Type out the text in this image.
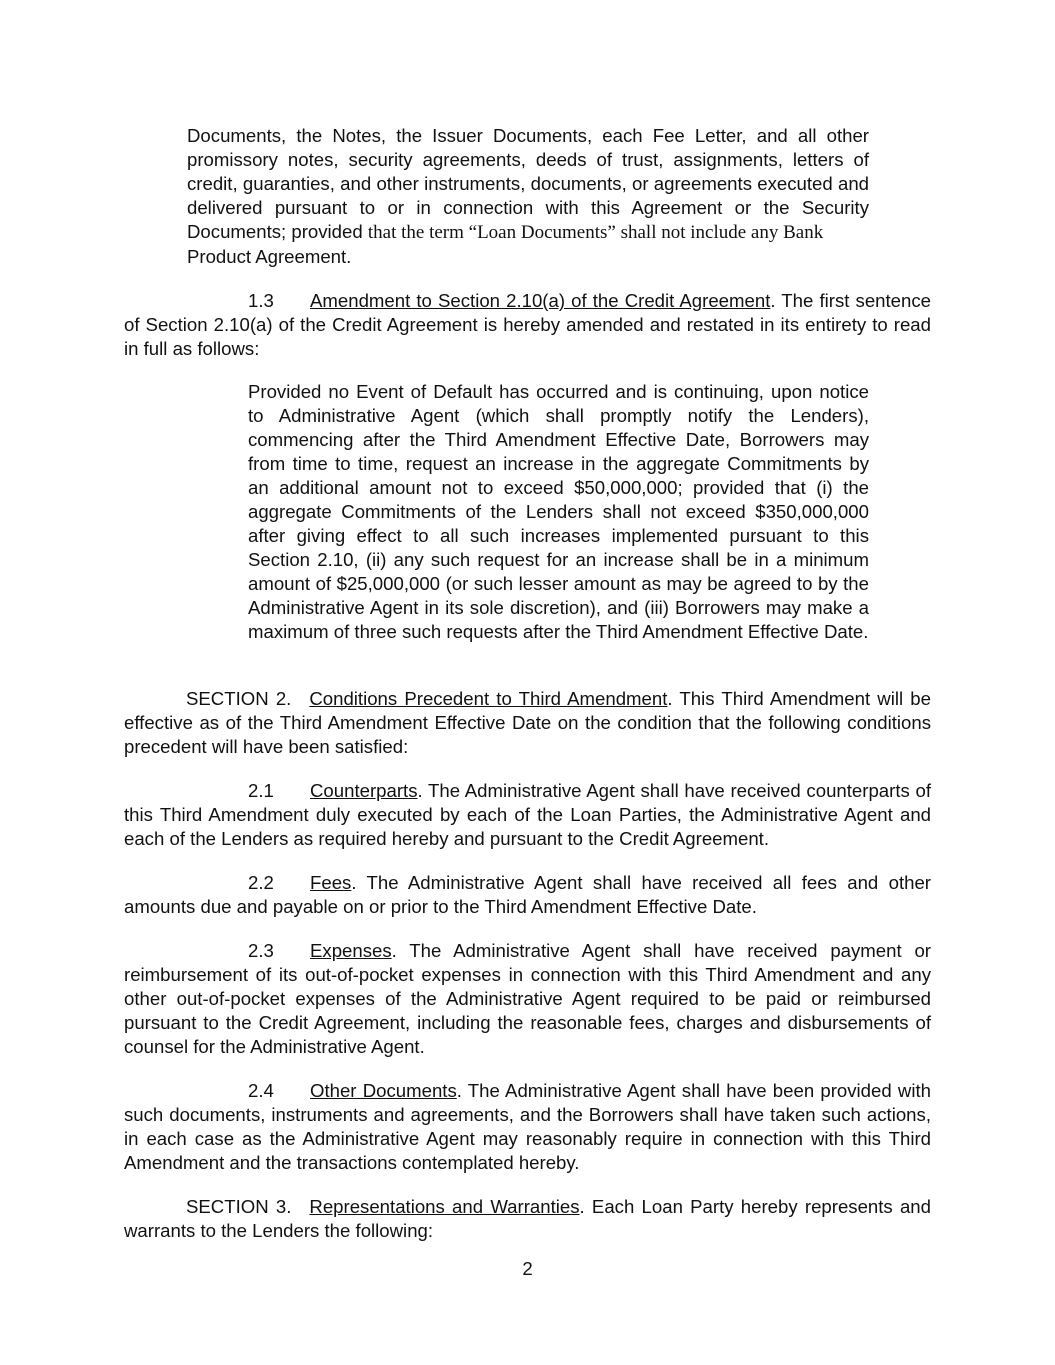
Documents, the Notes, the Issuer Documents, each Fee Letter, and all other promissory notes, security agreements, deeds of trust, assignments, letters of credit, guaranties, and other instruments, documents, or agreements executed and delivered pursuant to or in connection with this Agreement or the Security Documents; provided that the term “Loan Documents” shall not include any Bank

Product Agreement.

1.3 Amendment to Section 2.10(a) of the Credit Agreement. The first sentence of Section 2.10(a) of the Credit Agreement is hereby amended and restated in its entirety to read in full as follows:

Provided no Event of Default has occurred and is continuing, upon notice to Administrative Agent (which shall promptly notify the Lenders), commencing after the Third Amendment Effective Date, Borrowers may from time to time, request an increase in the aggregate Commitments by an additional amount not to exceed $50,000,000; provided that (i) the aggregate Commitments of the Lenders shall not exceed $350,000,000 after giving effect to all such increases implemented pursuant to this Section 2.10, (ii) any such request for an increase shall be in a minimum amount of $25,000,000 (or such lesser amount as may be agreed to by the Administrative Agent in its sole discretion), and (iii) Borrowers may make a maximum of three such requests after the Third Amendment Effective Date.

SECTION 2. Conditions Precedent to Third Amendment. This Third Amendment will be effective as of the Third Amendment Effective Date on the condition that the following conditions precedent will have been satisfied:

2.1 Counterparts. The Administrative Agent shall have received counterparts of this Third Amendment duly executed by each of the Loan Parties, the Administrative Agent and each of the Lenders as required hereby and pursuant to the Credit Agreement.

2.2 Fees. The Administrative Agent shall have received all fees and other amounts due and payable on or prior to the Third Amendment Effective Date.

2.3 Expenses. The Administrative Agent shall have received payment or reimbursement of its out-of-pocket expenses in connection with this Third Amendment and any other out-of-pocket expenses of the Administrative Agent required to be paid or reimbursed pursuant to the Credit Agreement, including the reasonable fees, charges and disbursements of counsel for the Administrative Agent.

2.4 Other Documents. The Administrative Agent shall have been provided with such documents, instruments and agreements, and the Borrowers shall have taken such actions, in each case as the Administrative Agent may reasonably require in connection with this Third Amendment and the transactions contemplated hereby.

SECTION 3. Representations and Warranties. Each Loan Party hereby represents and warrants to the Lenders the following:

2
